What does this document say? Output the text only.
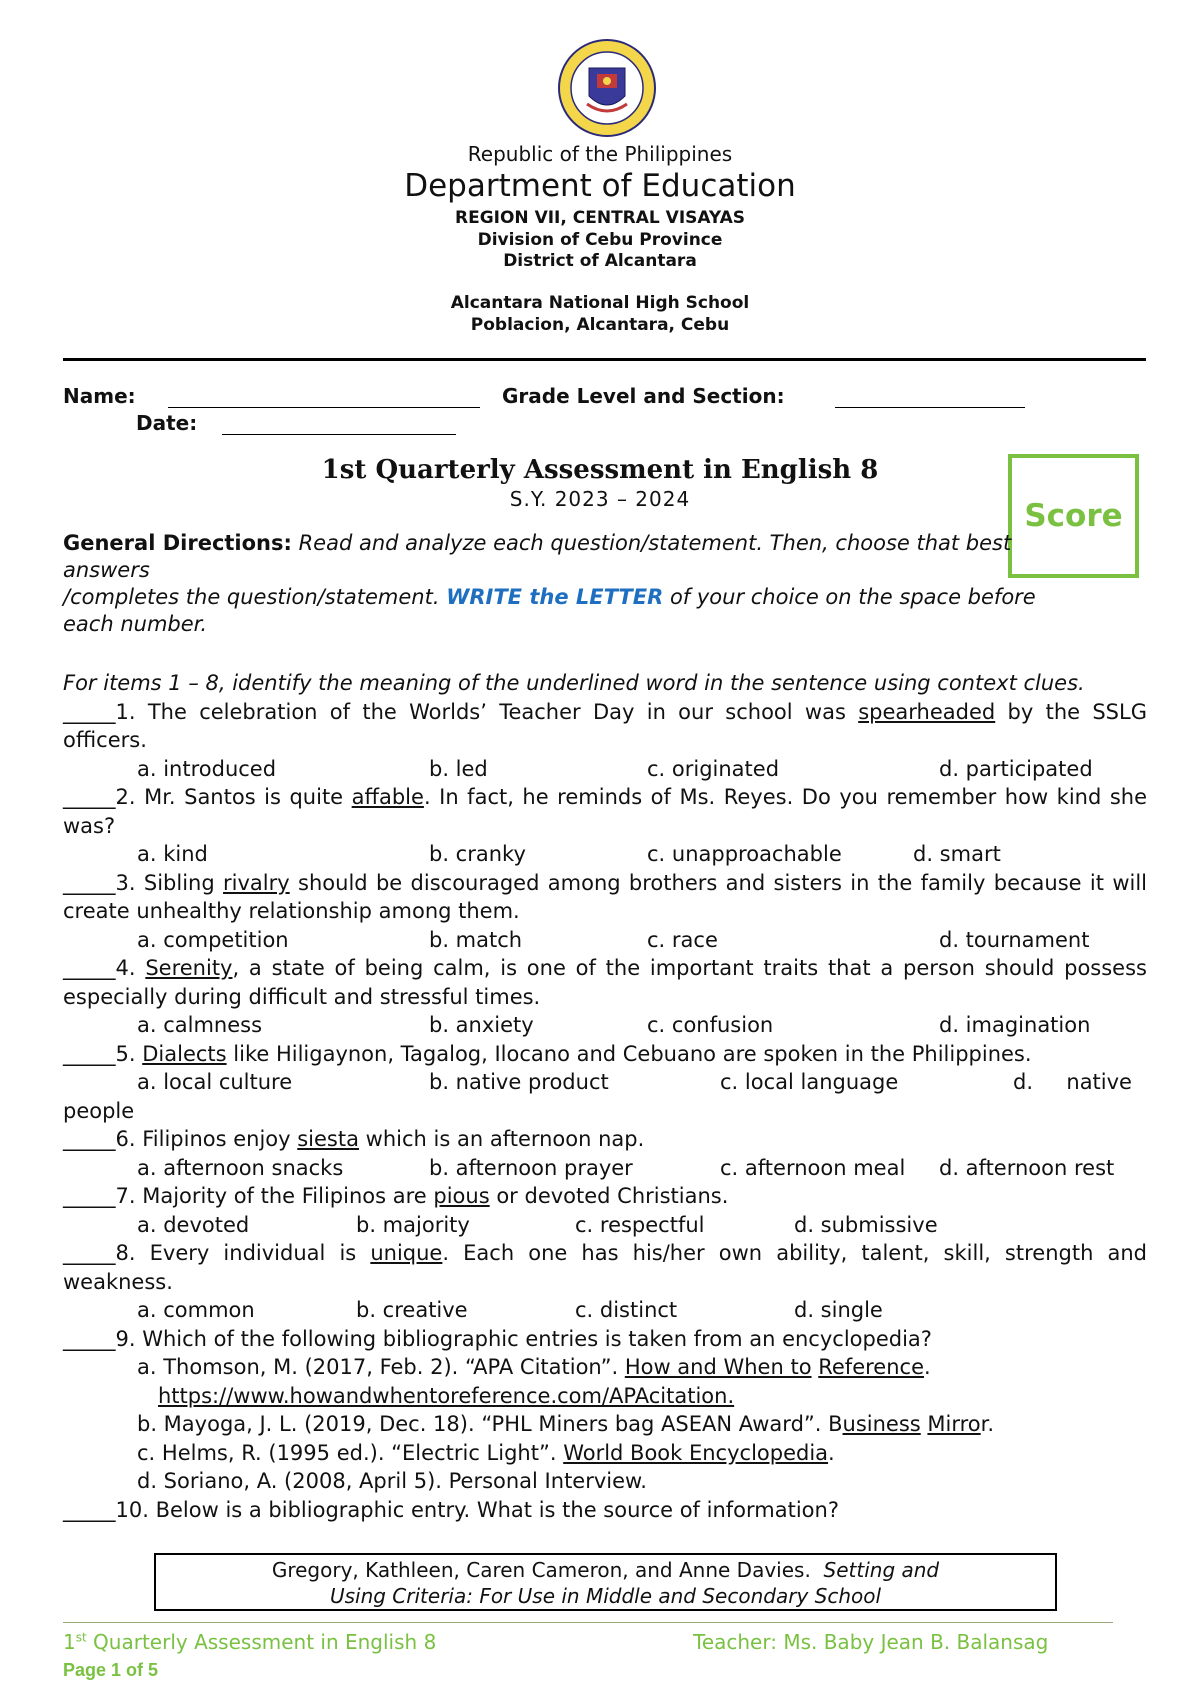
Republic of the Philippines
Department of Education
REGION VII, CENTRAL VISAYAS
Division of Cebu Province
District of Alcantara
Alcantara National High School
Poblacion, Alcantara, Cebu
Name:	Grade Level and Section:
Date:
1st Quarterly Assessment in English 8
S.Y. 2023 – 2024	Score
General Directions: Read and analyze each question/statement. Then, choose that best answers
/completes the question/statement. WRITE the LETTER of your choice on the space before each number.
For items 1 – 8, identify the meaning of the underlined word in the sentence using context clues.
_____1. The celebration of the Worlds’ Teacher Day in our school was spearheaded by the SSLG officers.
a. introduced	b. led	c. originated	d. participated
_____2. Mr. Santos is quite affable. In fact, he reminds of Ms. Reyes. Do you remember how kind she was?
a. kind	b. cranky	c. unapproachable	d. smart
_____3. Sibling rivalry should be discouraged among brothers and sisters in the family because it will create unhealthy relationship among them.
a. competition	b. match	c. race	d. tournament
_____4. Serenity, a state of being calm, is one of the important traits that a person should possess especially during difficult and stressful times.
a. calmness	b. anxiety	c. confusion	d. imagination
_____5. Dialects like Hiligaynon, Tagalog, Ilocano and Cebuano are spoken in the Philippines.
a. local culture	b. native product	c. local language	d.     native
people
_____6. Filipinos enjoy siesta which is an afternoon nap.
a. afternoon snacks	b. afternoon prayer	c. afternoon meal d. afternoon rest
_____7. Majority of the Filipinos are pious or devoted Christians.
a. devoted	b. majority	c. respectful	d. submissive
_____8. Every individual is unique. Each one has his/her own ability, talent, skill, strength and weakness.
a. common	b. creative	c. distinct	d. single
_____9. Which of the following bibliographic entries is taken from an encyclopedia?
a. Thomson, M. (2017, Feb. 2). “APA Citation”. How and When to Reference.
https://www.howandwhentoreference.com/APAcitation.
b. Mayoga, J. L. (2019, Dec. 18). “PHL Miners bag ASEAN Award”. Business Mirror.
c. Helms, R. (1995 ed.). “Electric Light”. World Book Encyclopedia.
d. Soriano, A. (2008, April 5). Personal Interview.
_____10. Below is a bibliographic entry. What is the source of information?
Gregory, Kathleen, Caren Cameron, and Anne Davies. Setting and
Using Criteria: For Use in Middle and Secondary School
1st Quarterly Assessment in English 8	Teacher: Ms. Baby Jean B. Balansag
Page 1 of 5
